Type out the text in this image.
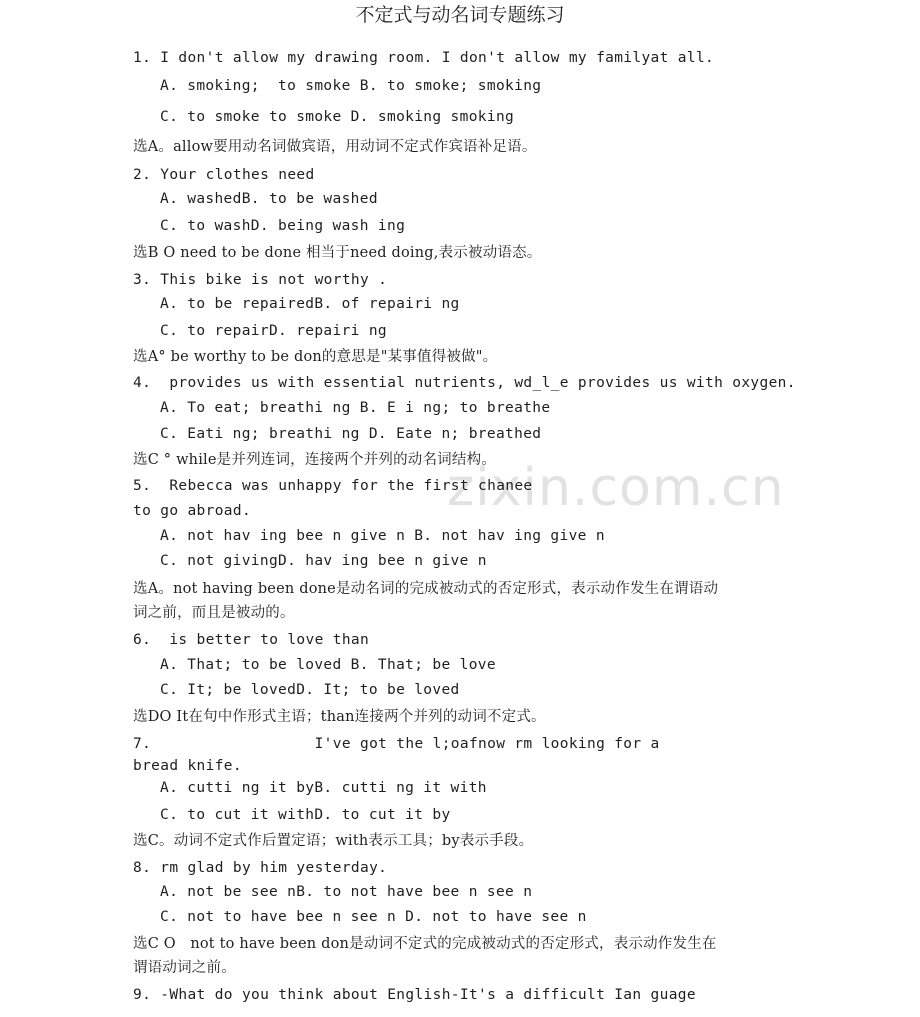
zixin.com.cn
不定式与动名词专题练习
1. I don't allow my drawing room. I don't allow my familyat all.
A. smoking;  to smoke B. to smoke; smoking
C. to smoke to smoke D. smoking smoking
选A。allow要用动名词做宾语，用动词不定式作宾语补足语。
2. Your clothes need
A. washedB. to be washed
C. to washD. being wash ing
选B O need to be done 相当于need doing,表示被动语态。
3. This bike is not worthy .
A. to be repairedB. of repairi ng
C. to repairD. repairi ng
选A° be worthy to be don的意思是"某事值得被做"。
4.  provides us with essential nutrients, wd_l_e provides us with oxygen.
A. To eat; breathi ng B. E i ng; to breathe
C. Eati ng; breathi ng D. Eate n; breathed
选C ° while是并列连词，连接两个并列的动名词结构。
5.  Rebecca was unhappy for the first chanee
to go abroad.
A. not hav ing bee n give n B. not hav ing give n
C. not givingD. hav ing bee n give n
选A。not having been done是动名词的完成被动式的否定形式，表示动作发生在谓语动
词之前，而且是被动的。
6.  is better to love than
A. That; to be loved B. That; be love
C. It; be lovedD. It; to be loved
选DO It在句中作形式主语；than连接两个并列的动词不定式。
7.                  I've got the l;oafnow rm looking for a
bread knife.
A. cutti ng it byB. cutti ng it with
C. to cut it withD. to cut it by
选C。动词不定式作后置定语；with表示工具；by表示手段。
8. rm glad by him yesterday.
A. not be see nB. to not have bee n see n
C. not to have bee n see n D. not to have see n
选C O   not to have been don是动词不定式的完成被动式的否定形式，表示动作发生在
谓语动词之前。
9. -What do you think about English-It's a difficult Ian guage
